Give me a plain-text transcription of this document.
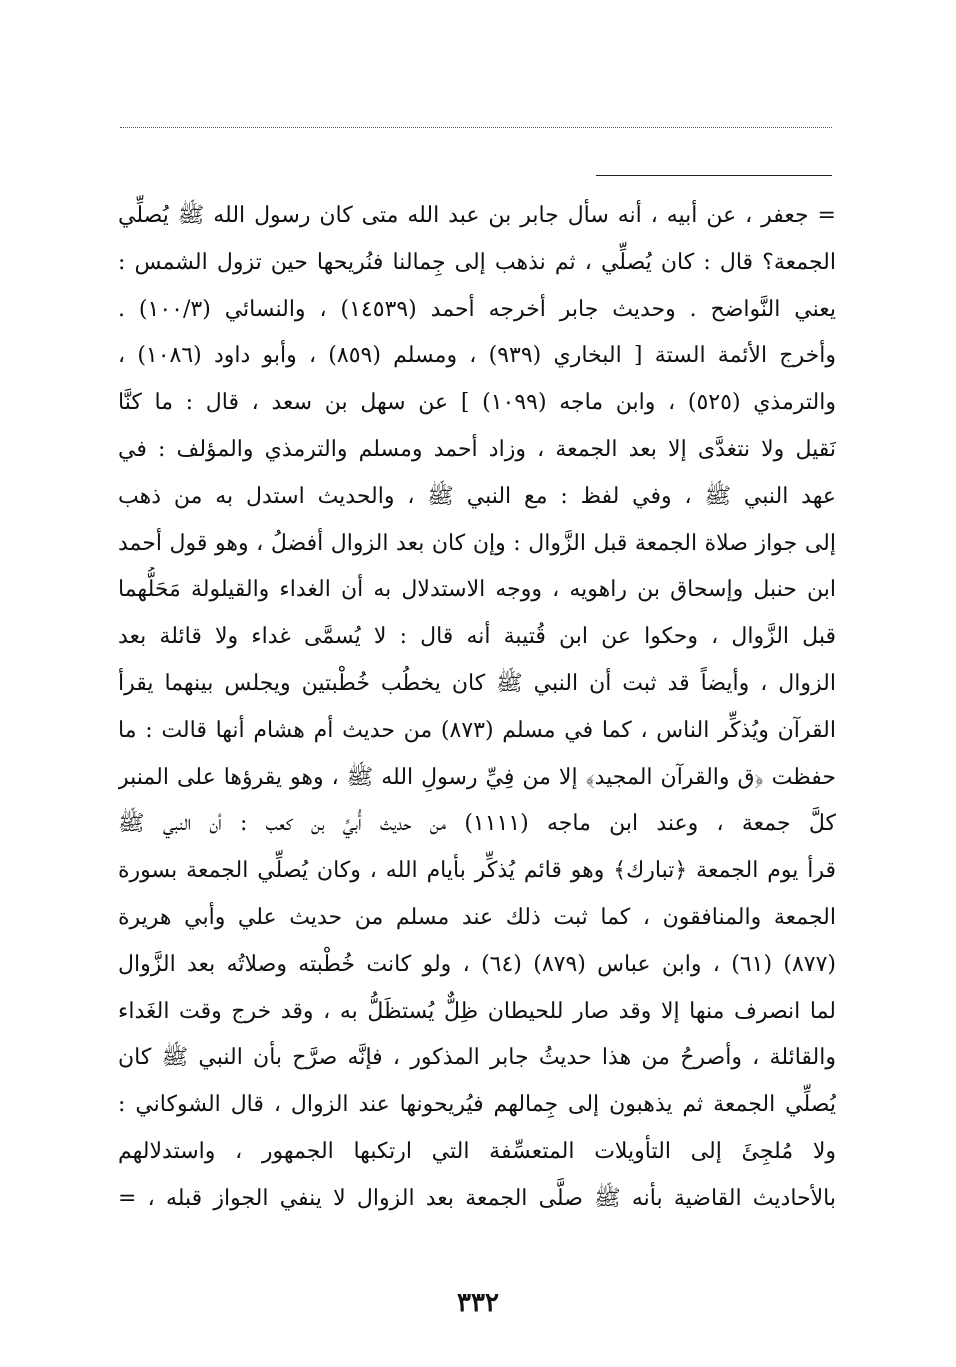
= جعفر ، عن أبيه ، أنه سأل جابر بن عبد الله متى كان رسول الله ﷺ يُصلِّي
الجمعة؟ قال : كان يُصلِّي ، ثم نذهب إلى جِمالنا فنُريحها حين تزول الشمس :
يعني النَّواضح . وحديث جابر أخرجه أحمد (١٤٥٣٩) ، والنسائي (١٠٠/٣) .
وأخرج الأئمة الستة [ البخاري (٩٣٩) ، ومسلم (٨٥٩) ، وأبو داود (١٠٨٦) ،
والترمذي (٥٢٥) ، وابن ماجه (١٠٩٩) ] عن سهل بن سعد ، قال : ما كنَّا
نَقيل ولا نتغدَّى إلا بعد الجمعة ، وزاد أحمد ومسلم والترمذي والمؤلف : في
عهد النبي ﷺ ، وفي لفظ : مع النبي ﷺ ، والحديث استدل به من ذهب
إلى جواز صلاة الجمعة قبل الزَّوال : وإن كان بعد الزوال أفضلُ ، وهو قول أحمد
ابن حنبل وإسحاق بن راهويه ، ووجه الاستدلال به أن الغداء والقيلولة مَحَلُّهما
قبل الزَّوال ، وحكوا عن ابن قُتيبة أنه قال : لا يُسمَّى غداء ولا قائلة بعد
الزوال ، وأيضاً قد ثبت أن النبي ﷺ كان يخطُب خُطْبتين ويجلس بينهما يقرأ
القرآن ويُذكِّر الناس ، كما في مسلم (٨٧٣) من حديث أم هشام أنها قالت : ما
حفظت ﴿ق والقرآن المجيد﴾ إلا من فِيِّ رسولِ الله ﷺ ، وهو يقرؤها على المنبر
كلَّ جمعة ، وعند ابن ماجه (١١١١) من حديث أُبيِّ بن كعب : أن النبي ﷺ
قرأ يوم الجمعة ﴿تبارك﴾ وهو قائم يُذكِّر بأيام الله ، وكان يُصلِّي الجمعة بسورة
الجمعة والمنافقون ، كما ثبت ذلك عند مسلم من حديث علي وأبي هريرة
(٨٧٧) (٦١) ، وابن عباس (٨٧٩) (٦٤) ، ولو كانت خُطْبته وصلاتُه بعد الزَّوال
لما انصرف منها إلا وقد صار للحيطان ظِلٌّ يُستظَلُّ به ، وقد خرج وقت الغَداء
والقائلة ، وأصرحُ من هذا حديثُ جابر المذكور ، فإنَّه صرَّح بأن النبي ﷺ كان
يُصلِّي الجمعة ثم يذهبون إلى جِمالهم فيُريحونها عند الزوال ، قال الشوكاني :
ولا مُلجِئَ إلى التأويلات المتعسِّفة التي ارتكبها الجمهور ، واستدلالهم
بالأحاديث القاضية بأنه ﷺ صلَّى الجمعة بعد الزوال لا ينفي الجواز قبله ، =
٣٣٢
